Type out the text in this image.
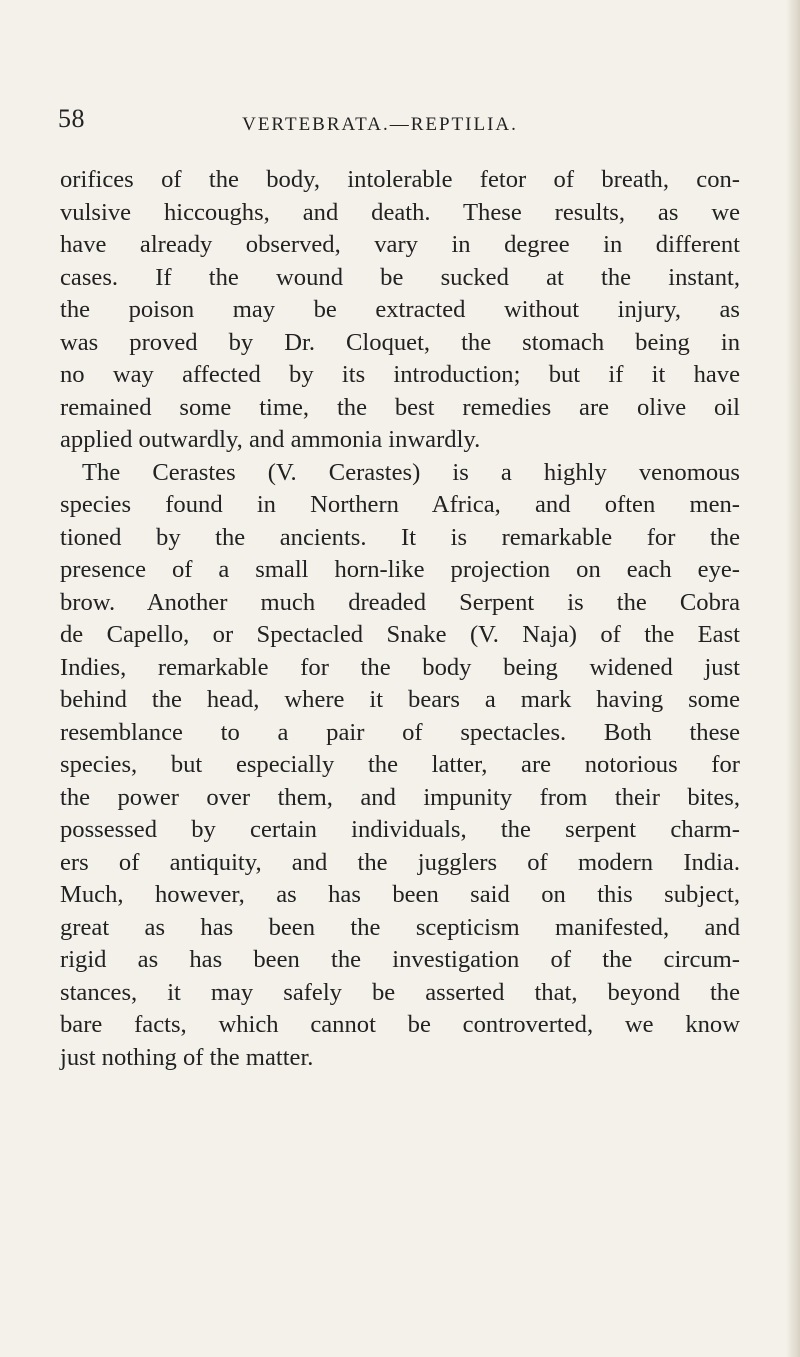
58	VERTEBRATA.—REPTILIA.
orifices of the body, intolerable fetor of breath, con-
vulsive hiccoughs, and death. These results, as we
have already observed, vary in degree in different
cases. If the wound be sucked at the instant,
the poison may be extracted without injury, as
was proved by Dr. Cloquet, the stomach being in
no way affected by its introduction; but if it have
remained some time, the best remedies are olive oil
applied outwardly, and ammonia inwardly.
The Cerastes (V. Cerastes) is a highly venomous
species found in Northern Africa, and often men-
tioned by the ancients. It is remarkable for the
presence of a small horn-like projection on each eye-
brow. Another much dreaded Serpent is the Cobra
de Capello, or Spectacled Snake (V. Naja) of the East
Indies, remarkable for the body being widened just
behind the head, where it bears a mark having some
resemblance to a pair of spectacles. Both these
species, but especially the latter, are notorious for
the power over them, and impunity from their bites,
possessed by certain individuals, the serpent charm-
ers of antiquity, and the jugglers of modern India.
Much, however, as has been said on this subject,
great as has been the scepticism manifested, and
rigid as has been the investigation of the circum-
stances, it may safely be asserted that, beyond the
bare facts, which cannot be controverted, we know
just nothing of the matter.
